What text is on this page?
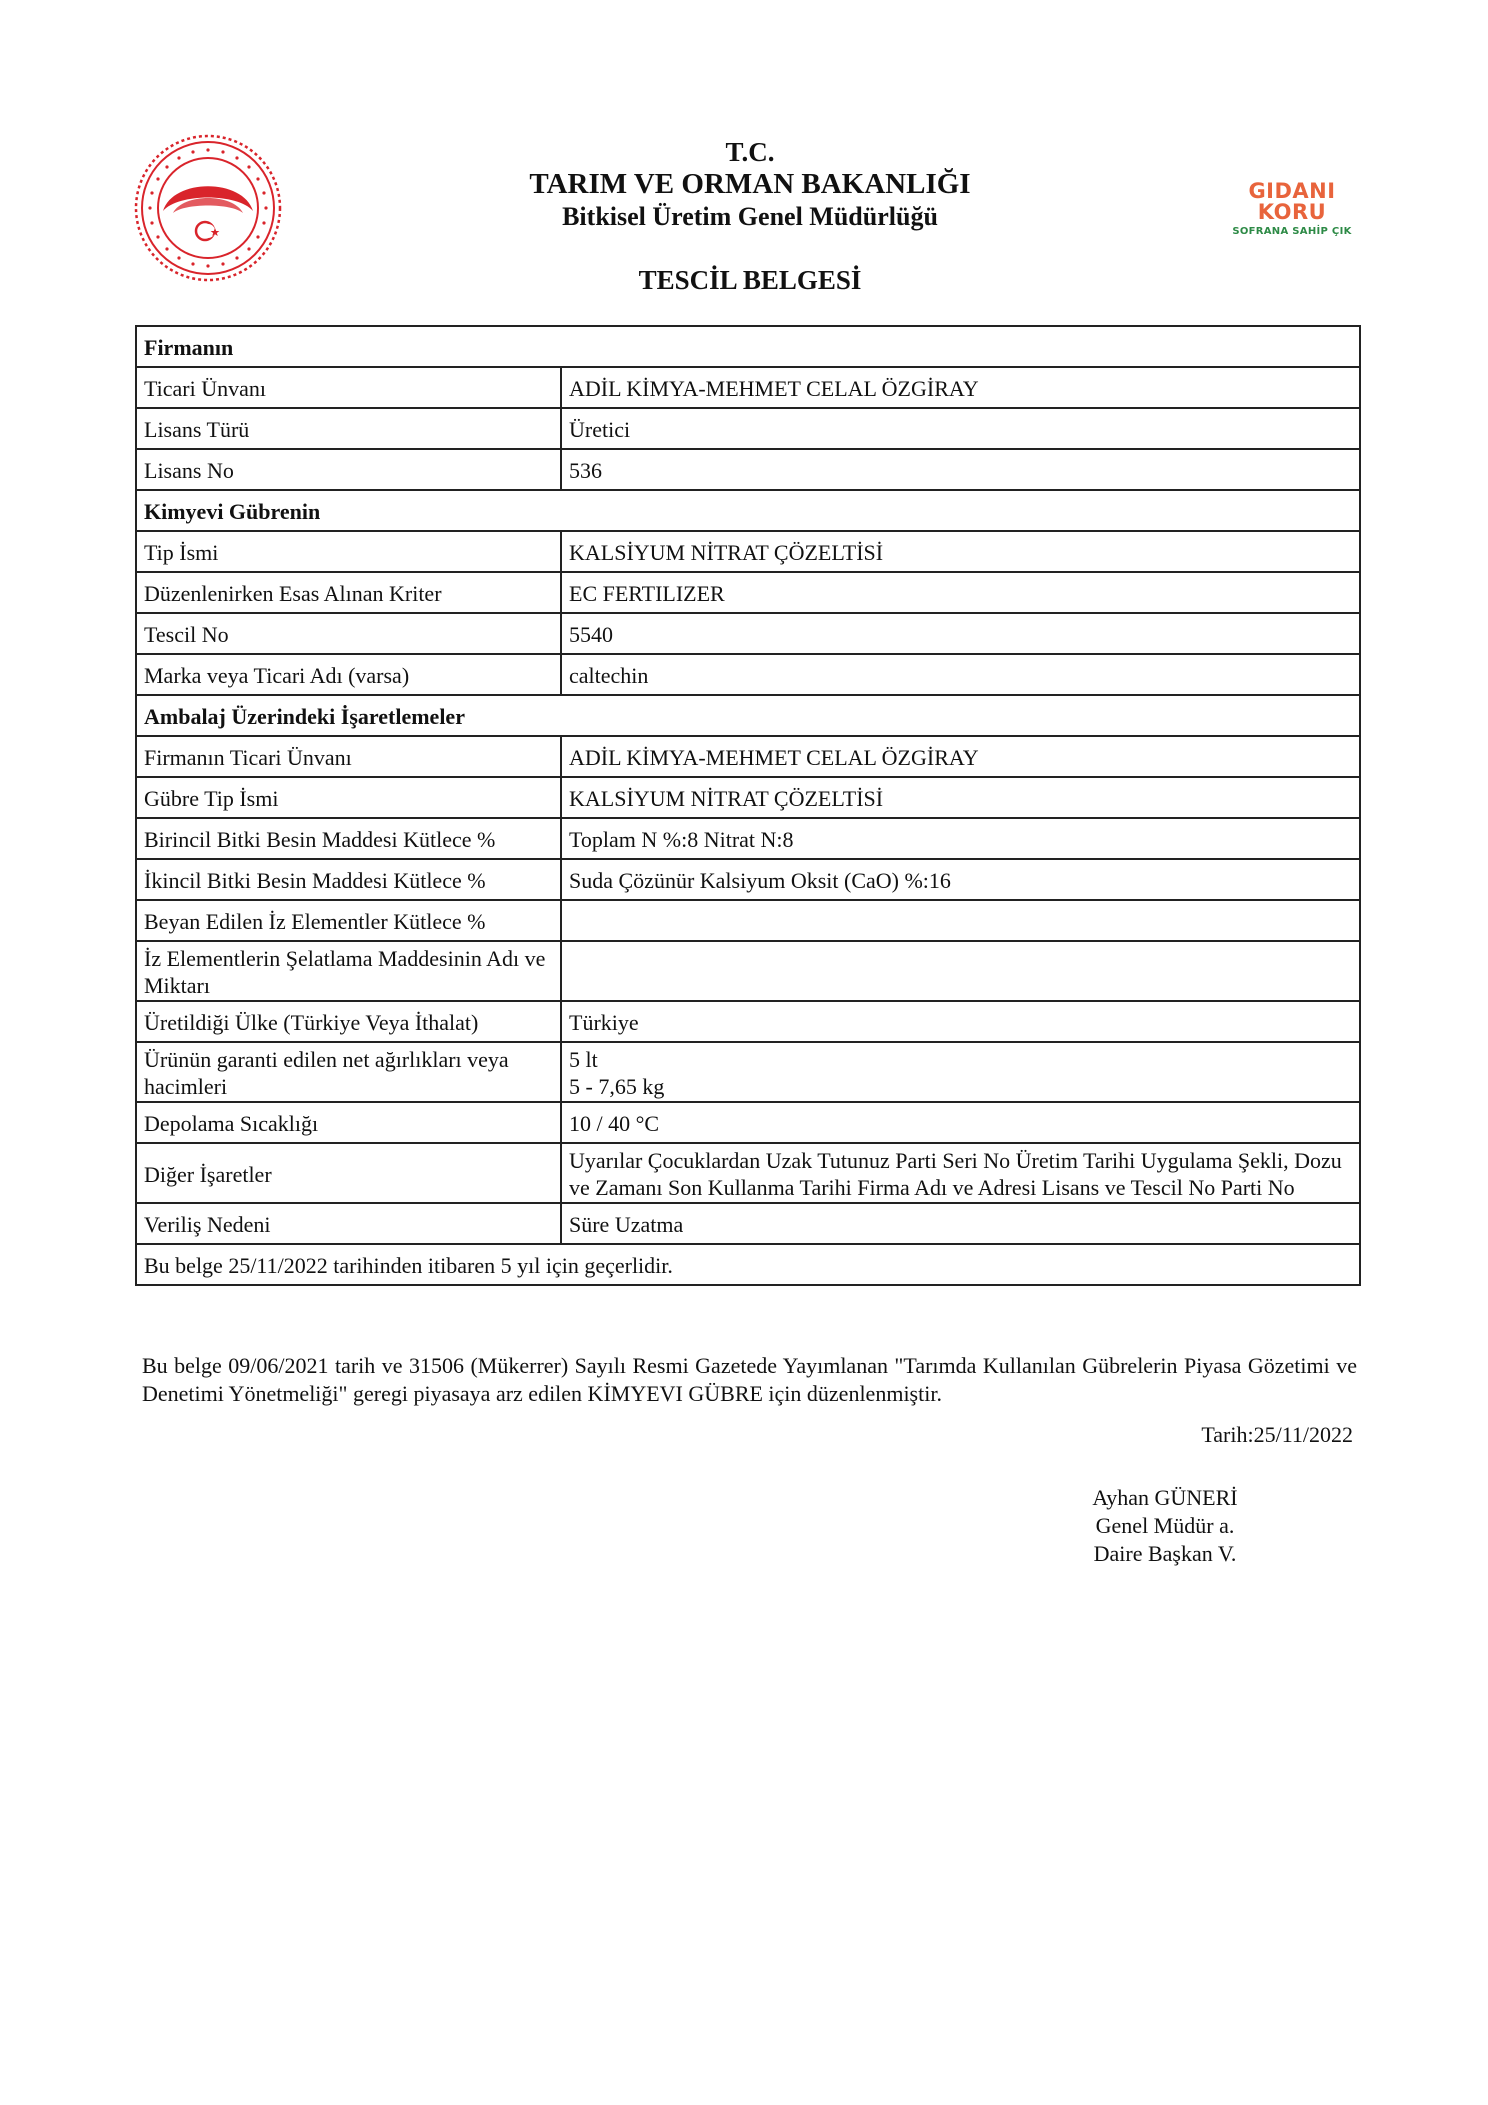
GIDANI KORU
SOFRANA SAHİP ÇIK
T.C.
TARIM VE ORMAN BAKANLIĞI
Bitkisel Üretim Genel Müdürlüğü
TESCİL BELGESİ
Firmanın	
Ticari Ünvanı	ADİL KİMYA-MEHMET CELAL ÖZGİRAY
Lisans Türü	Üretici
Lisans No	536
Kimyevi Gübrenin	
Tip İsmi	KALSİYUM NİTRAT ÇÖZELTİSİ
Düzenlenirken Esas Alınan Kriter	EC FERTILIZER
Tescil No	5540
Marka veya Ticari Adı (varsa)	caltechin
Ambalaj Üzerindeki İşaretlemeler	
Firmanın Ticari Ünvanı	ADİL KİMYA-MEHMET CELAL ÖZGİRAY
Gübre Tip İsmi	KALSİYUM NİTRAT ÇÖZELTİSİ
Birincil Bitki Besin Maddesi Kütlece %	Toplam N %:8 Nitrat N:8
İkincil Bitki Besin Maddesi Kütlece %	Suda Çözünür Kalsiyum Oksit (CaO) %:16
Beyan Edilen İz Elementler Kütlece %	
İz Elementlerin Şelatlama Maddesinin Adı ve Miktarı	
Üretildiği Ülke (Türkiye Veya İthalat)	Türkiye
Ürünün garanti edilen net ağırlıkları veya hacimleri	5 lt
5 - 7,65 kg
Depolama Sıcaklığı	10 / 40 °C
Diğer İşaretler	Uyarılar Çocuklardan Uzak Tutunuz Parti Seri No Üretim Tarihi Uygulama Şekli, Dozu ve Zamanı Son Kullanma Tarihi Firma Adı ve Adresi Lisans ve Tescil No Parti No
Veriliş Nedeni	Süre Uzatma
Bu belge 25/11/2022 tarihinden itibaren 5 yıl için geçerlidir.	
Bu belge 09/06/2021 tarih ve 31506 (Mükerrer) Sayılı Resmi Gazetede Yayımlanan "Tarımda Kullanılan Gübrelerin Piyasa Gözetimi ve Denetimi Yönetmeliği" geregi piyasaya arz edilen KİMYEVI GÜBRE için düzenlenmiştir.
Tarih:25/11/2022
Ayhan GÜNERİ
Genel Müdür a.
Daire Başkan V.
